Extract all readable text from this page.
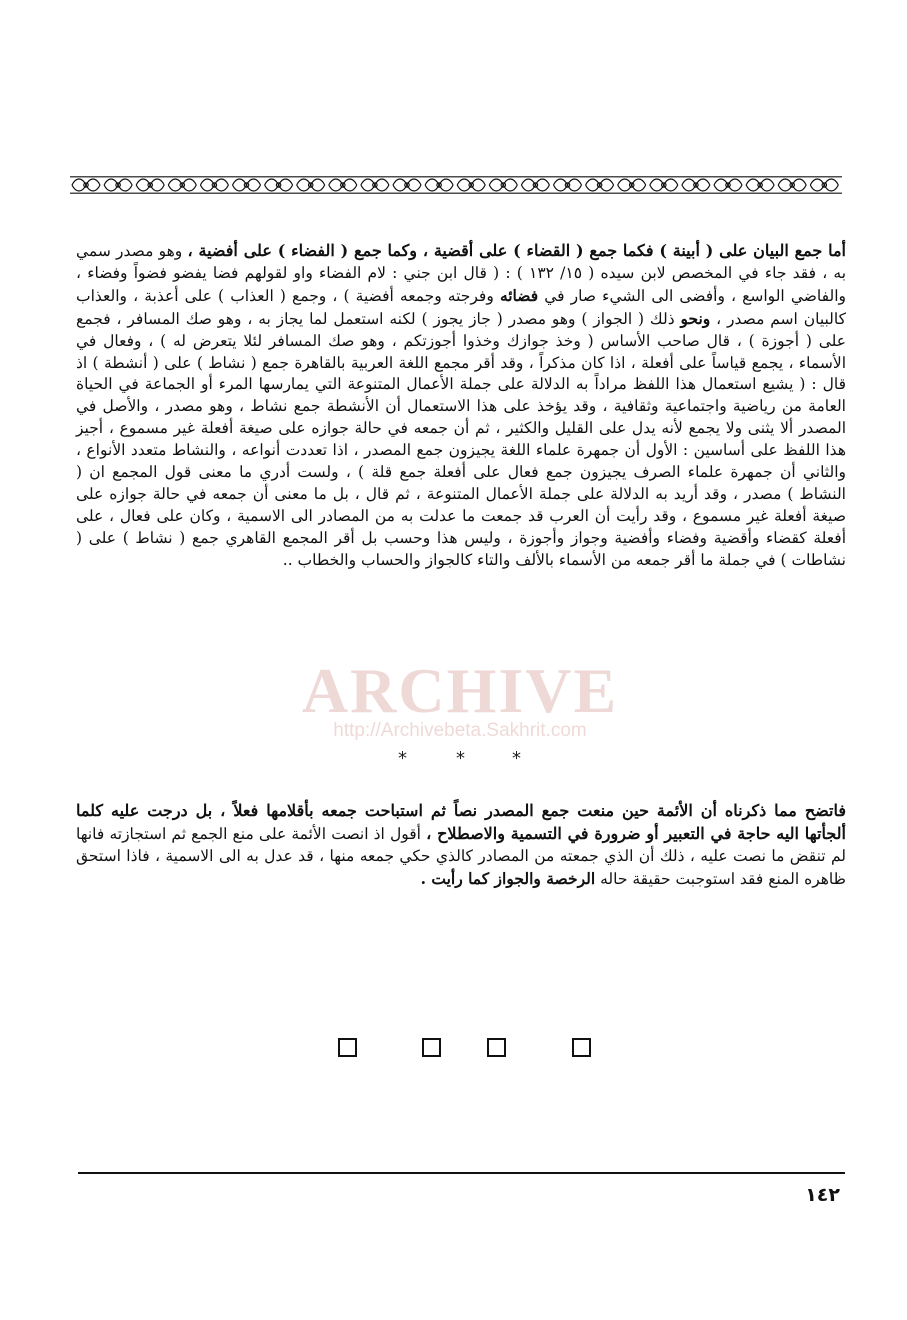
أما جمع البيان على ( أبينة ) فكما جمع ( القضاء ) على أقضية ، وكما جمع ( الفضاء ) على أفضية ، وهو مصدر سمي به ، فقد جاء في المخصص لابن سيده ( ١٥/ ١٣٢ ) : ( قال ابن جني : لام الفضاء واو لقولهم فضا يفضو فضواً وفضاء ، والفاضي الواسع ، وأفضى الى الشيء صار في فضائه وفرجته وجمعه أفضية ) ، وجمع ( العذاب ) على أعذبة ، والعذاب كالبيان اسم مصدر ، ونحو ذلك ( الجواز ) وهو مصدر ( جاز يجوز ) لكنه استعمل لما يجاز به ، وهو صك المسافر ، فجمع على ( أجوزة ) ، قال صاحب الأساس ( وخذ جوازك وخذوا أجوزتكم ، وهو صك المسافر لئلا يتعرض له ) ، وفعال في الأسماء ، يجمع قياساً على أفعلة ، اذا كان مذكراً ، وقد أقر مجمع اللغة العربية بالقاهرة جمع ( نشاط ) على ( أنشطة ) اذ قال : ( يشيع استعمال هذا اللفظ مراداً به الدلالة على جملة الأعمال المتنوعة التي يمارسها المرء أو الجماعة في الحياة العامة من رياضية واجتماعية وثقافية ، وقد يؤخذ على هذا الاستعمال أن الأنشطة جمع نشاط ، وهو مصدر ، والأصل في المصدر ألا يثنى ولا يجمع لأنه يدل على القليل والكثير ، ثم أن جمعه في حالة جوازه على صيغة أفعلة غير مسموع ، أجيز هذا اللفظ على أساسين : الأول أن جمهرة علماء اللغة يجيزون جمع المصدر ، اذا تعددت أنواعه ، والنشاط متعدد الأنواع ، والثاني أن جمهرة علماء الصرف يجيزون جمع فعال على أفعلة جمع قلة ) ، ولست أدري ما معنى قول المجمع ان ( النشاط ) مصدر ، وقد أريد به الدلالة على جملة الأعمال المتنوعة ، ثم قال ، بل ما معنى أن جمعه في حالة جوازه على صيغة أفعلة غير مسموع ، وقد رأيت أن العرب قد جمعت ما عدلت به من المصادر الى الاسمية ، وكان على فعال ، على أفعلة كقضاء وأقضية وفضاء وأفضية وجواز وأجوزة ، وليس هذا وحسب بل أقر المجمع القاهري جمع ( نشاط ) على ( نشاطات ) في جملة ما أقر جمعه من الأسماء بالألف والتاء كالجواز والحساب والخطاب ..
*	*	*
فاتضح مما ذكرناه أن الأئمة حين منعت جمع المصدر نصاً ثم استباحت جمعه بأقلامها فعلاً ، بل درجت عليه كلما ألجأتها اليه حاجة في التعبير أو ضرورة في التسمية والاصطلاح ، أقول اذ انصت الأئمة على منع الجمع ثم استجازته فانها لم تنقض ما نصت عليه ، ذلك أن الذي جمعته من المصادر كالذي حكي جمعه منها ، قد عدل به الى الاسمية ، فاذا استحق ظاهره المنع فقد استوجبت حقيقة حاله الرخصة والجواز كما رأيت .
ARCHIVE
http://Archivebeta.Sakhrit.com
١٤٢
